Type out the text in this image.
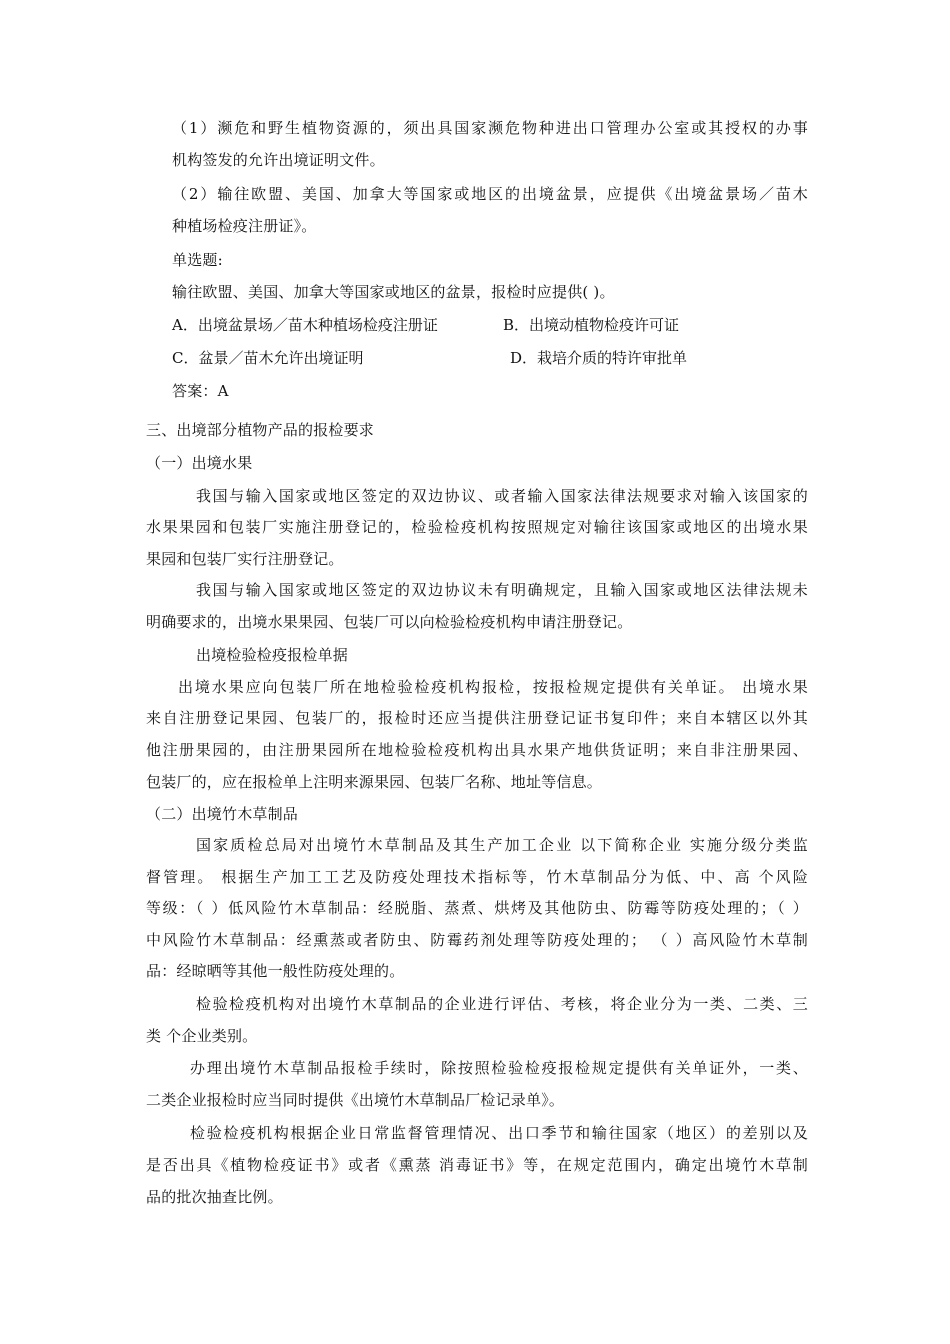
（1）濒危和野生植物资源的，须出具国家濒危物种进出口管理办公室或其授权的办事
机构签发的允许出境证明文件。
（2）输往欧盟、美国、加拿大等国家或地区的出境盆景，应提供《出境盆景场／苗木
种植场检疫注册证》。
单选题:
输往欧盟、美国、加拿大等国家或地区的盆景，报检时应提供( )。
A．出境盆景场／苗木种植场检疫注册证	B．出境动植物检疫许可证
C．盆景／苗木允许出境证明	D．栽培介质的特许审批单
答案：A
三、出境部分植物产品的报检要求
（一）出境水果
我国与输入国家或地区签定的双边协议、或者输入国家法律法规要求对输入该国家的
水果果园和包装厂实施注册登记的，检验检疫机构按照规定对输往该国家或地区的出境水果
果园和包装厂实行注册登记。
我国与输入国家或地区签定的双边协议未有明确规定，且输入国家或地区法律法规未
明确要求的，出境水果果园、包装厂可以向检验检疫机构申请注册登记。
出境检验检疫报检单据
出境水果应向包装厂所在地检验检疫机构报检，按报检规定提供有关单证。 出境水果
来自注册登记果园、包装厂的，报检时还应当提供注册登记证书复印件；来自本辖区以外其
他注册果园的，由注册果园所在地检验检疫机构出具水果产地供货证明；来自非注册果园、
包装厂的，应在报检单上注明来源果园、包装厂名称、地址等信息。
（二）出境竹木草制品
国家质检总局对出境竹木草制品及其生产加工企业 以下简称企业 实施分级分类监
督管理。 根据生产加工工艺及防疫处理技术指标等，竹木草制品分为低、中、高 个风险
等级：（ ）低风险竹木草制品：经脱脂、蒸煮、烘烤及其他防虫、防霉等防疫处理的；（ ）
中风险竹木草制品：经熏蒸或者防虫、防霉药剂处理等防疫处理的； （ ）高风险竹木草制
品：经晾晒等其他一般性防疫处理的。
检验检疫机构对出境竹木草制品的企业进行评估、考核，将企业分为一类、二类、三
类 个企业类别。
办理出境竹木草制品报检手续时，除按照检验检疫报检规定提供有关单证外，一类、
二类企业报检时应当同时提供《出境竹木草制品厂检记录单》。
检验检疫机构根据企业日常监督管理情况、出口季节和输往国家（地区）的差别以及
是否出具《植物检疫证书》或者《熏蒸 消毒证书》等，在规定范围内，确定出境竹木草制
品的批次抽查比例。
